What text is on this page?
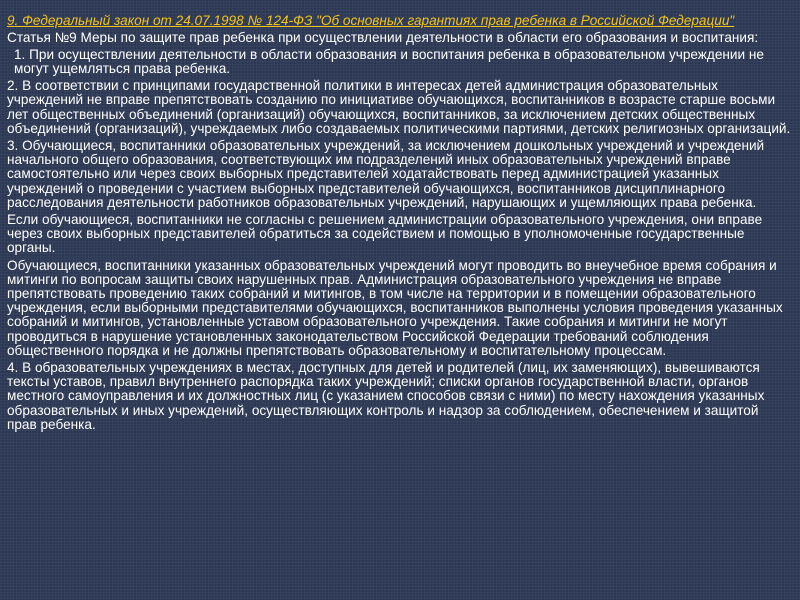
9. Федеральный закон от 24.07.1998 № 124-ФЗ "Об основных гарантиях прав ребенка в Российской Федерации"
Статья №9 Меры по защите прав ребенка при осуществлении деятельности в области его образования и воспитания:
1. При осуществлении деятельности в области образования и воспитания ребенка в образовательном учреждении не могут ущемляться права ребенка.
2. В соответствии с принципами государственной политики в интересах детей администрация образовательных учреждений не вправе препятствовать созданию по инициативе обучающихся, воспитанников в возрасте старше восьми лет общественных объединений (организаций) обучающихся, воспитанников, за исключением детских общественных объединений (организаций), учреждаемых либо создаваемых политическими партиями, детских религиозных организаций.
3. Обучающиеся, воспитанники образовательных учреждений, за исключением дошкольных учреждений и учреждений начального общего образования, соответствующих им подразделений иных образовательных учреждений вправе самостоятельно или через своих выборных представителей ходатайствовать перед администрацией указанных учреждений о проведении с участием выборных представителей обучающихся, воспитанников дисциплинарного расследования деятельности работников образовательных учреждений, нарушающих и ущемляющих права ребенка.
Если обучающиеся, воспитанники не согласны с решением администрации образовательного учреждения, они вправе через своих выборных представителей обратиться за содействием и помощью в уполномоченные государственные органы.
Обучающиеся, воспитанники указанных образовательных учреждений могут проводить во внеучебное время собрания и митинги по вопросам защиты своих нарушенных прав. Администрация образовательного учреждения не вправе препятствовать проведению таких собраний и митингов, в том числе на территории и в помещении образовательного учреждения, если выборными представителями обучающихся, воспитанников выполнены условия проведения указанных собраний и митингов, установленные уставом образовательного учреждения. Такие собрания и митинги не могут проводиться в нарушение установленных законодательством Российской Федерации требований соблюдения общественного порядка и не должны препятствовать образовательному и воспитательному процессам.
4. В образовательных учреждениях в местах, доступных для детей и родителей (лиц, их заменяющих), вывешиваются тексты уставов, правил внутреннего распорядка таких учреждений; списки органов государственной власти, органов местного самоуправления и их должностных лиц (с указанием способов связи с ними) по месту нахождения указанных образовательных и иных учреждений, осуществляющих контроль и надзор за соблюдением, обеспечением и защитой прав ребенка.
